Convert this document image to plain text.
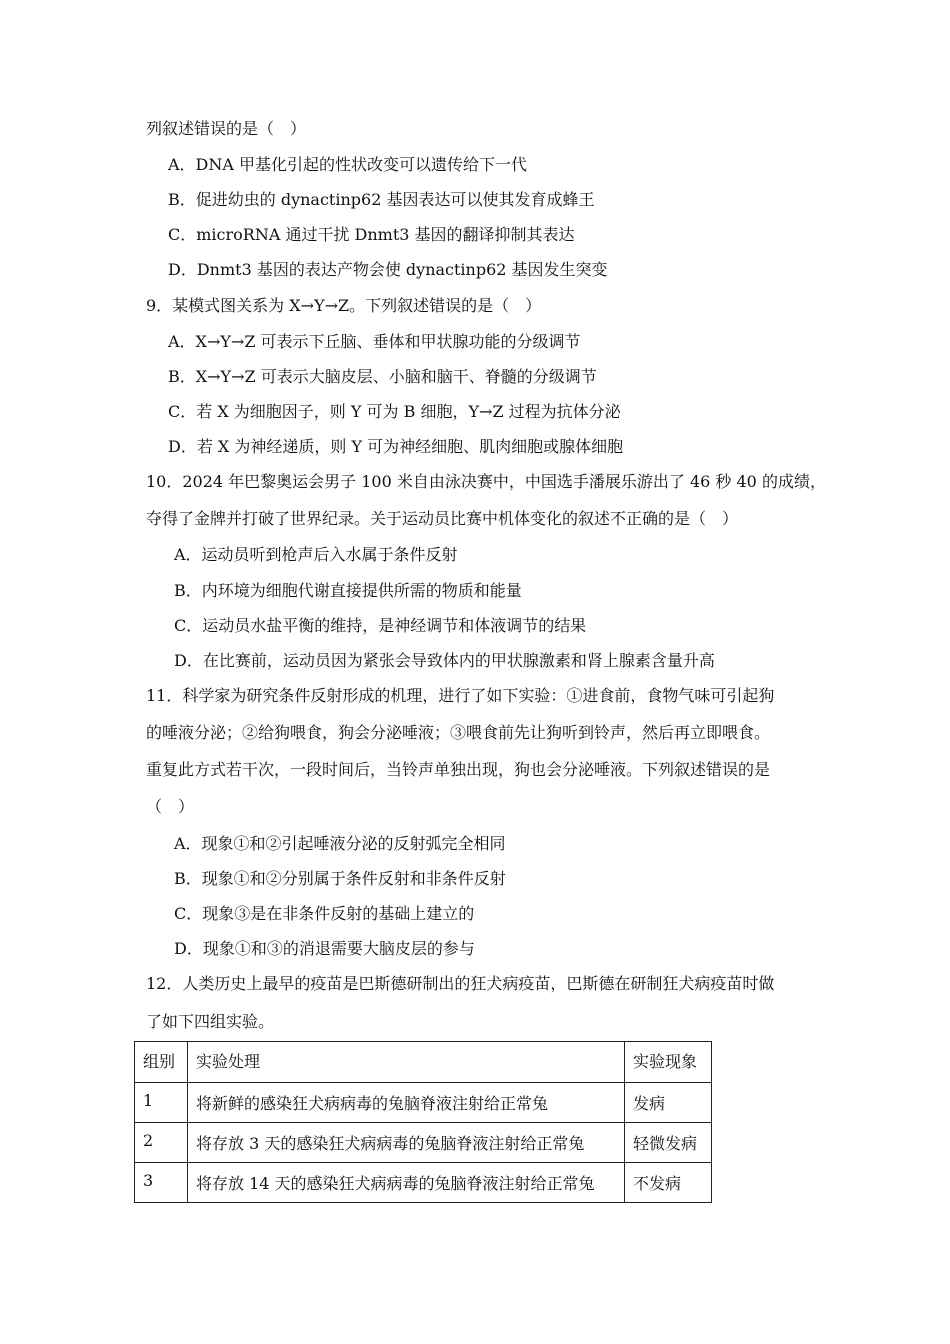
列叙述错误的是（　）
A．DNA 甲基化引起的性状改变可以遗传给下一代
B．促进幼虫的 dynactinp62 基因表达可以使其发育成蜂王
C．microRNA 通过干扰 Dnmt3 基因的翻译抑制其表达
D．Dnmt3 基因的表达产物会使 dynactinp62 基因发生突变
9．某模式图关系为 X→Y→Z。下列叙述错误的是（　）
A．X→Y→Z 可表示下丘脑、垂体和甲状腺功能的分级调节
B．X→Y→Z 可表示大脑皮层、小脑和脑干、脊髓的分级调节
C．若 X 为细胞因子，则 Y 可为 B 细胞，Y→Z 过程为抗体分泌
D．若 X 为神经递质，则 Y 可为神经细胞、肌肉细胞或腺体细胞
10．2024 年巴黎奥运会男子 100 米自由泳决赛中，中国选手潘展乐游出了 46 秒 40 的成绩，
夺得了金牌并打破了世界纪录。关于运动员比赛中机体变化的叙述不正确的是（　）
A．运动员听到枪声后入水属于条件反射
B．内环境为细胞代谢直接提供所需的物质和能量
C．运动员水盐平衡的维持，是神经调节和体液调节的结果
D．在比赛前，运动员因为紧张会导致体内的甲状腺激素和肾上腺素含量升高
11．科学家为研究条件反射形成的机理，进行了如下实验：①进食前，食物气味可引起狗
的唾液分泌；②给狗喂食，狗会分泌唾液；③喂食前先让狗听到铃声，然后再立即喂食。
重复此方式若干次，一段时间后，当铃声单独出现，狗也会分泌唾液。下列叙述错误的是
（　）
A．现象①和②引起唾液分泌的反射弧完全相同
B．现象①和②分别属于条件反射和非条件反射
C．现象③是在非条件反射的基础上建立的
D．现象①和③的消退需要大脑皮层的参与
12．人类历史上最早的疫苗是巴斯德研制出的狂犬病疫苗，巴斯德在研制狂犬病疫苗时做
了如下四组实验。
组别	实验处理	实验现象
1	将新鲜的感染狂犬病病毒的兔脑脊液注射给正常兔	发病
2	将存放 3 天的感染狂犬病病毒的兔脑脊液注射给正常兔	轻微发病
3	将存放 14 天的感染狂犬病病毒的兔脑脊液注射给正常兔	不发病
